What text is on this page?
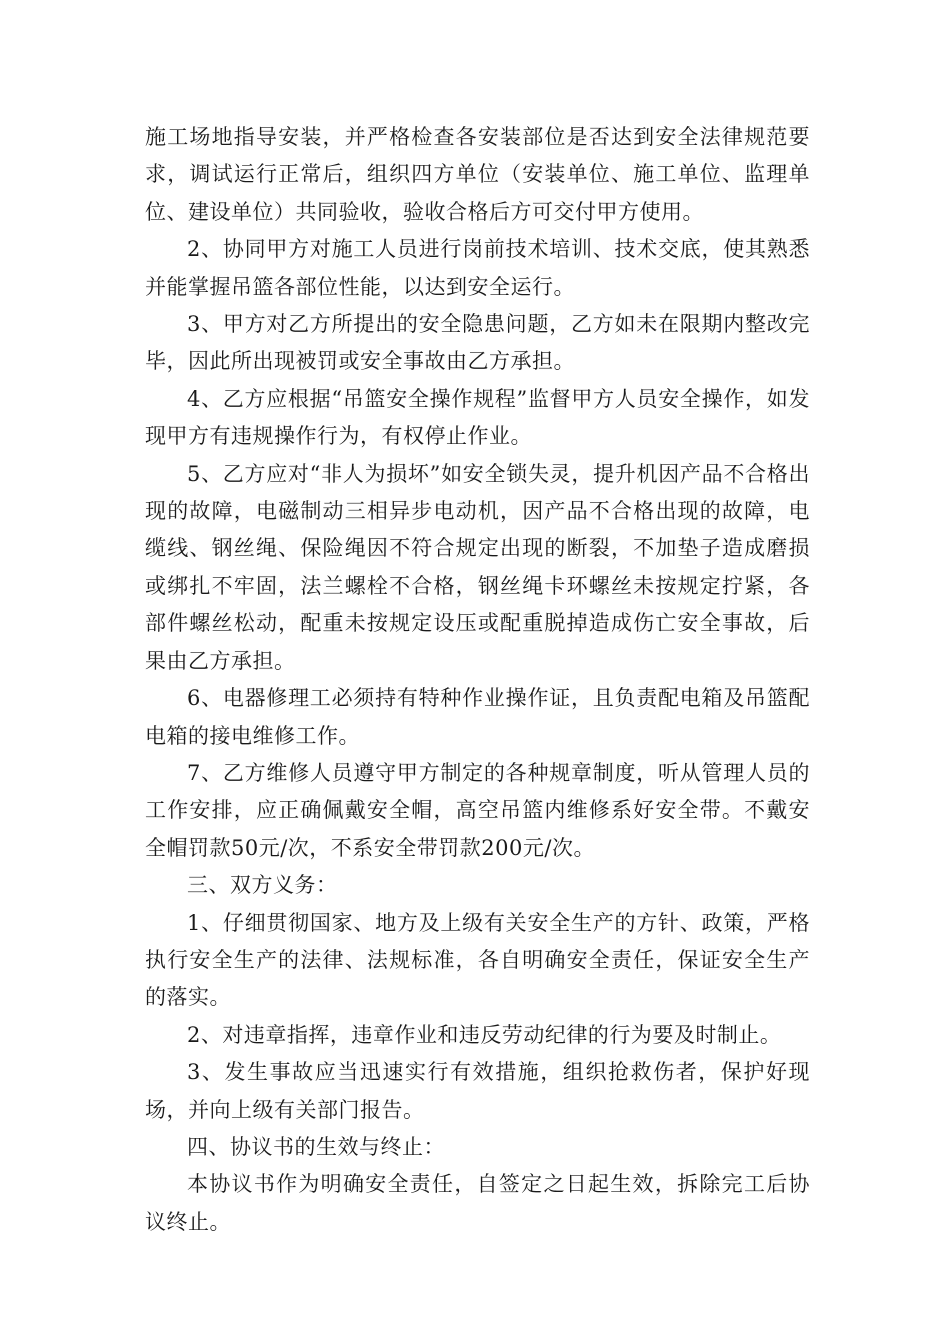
施工场地指导安装，并严格检查各安装部位是否达到安全法律规范要求，调试运行正常后，组织四方单位（安装单位、施工单位、监理单位、建设单位）共同验收，验收合格后方可交付甲方使用。

2、协同甲方对施工人员进行岗前技术培训、技术交底，使其熟悉并能掌握吊篮各部位性能，以达到安全运行。

3、甲方对乙方所提出的安全隐患问题，乙方如未在限期内整改完毕，因此所出现被罚或安全事故由乙方承担。

4、乙方应根据“吊篮安全操作规程”监督甲方人员安全操作，如发现甲方有违规操作行为，有权停止作业。

5、乙方应对“非人为损坏”如安全锁失灵，提升机因产品不合格出现的故障，电磁制动三相异步电动机，因产品不合格出现的故障，电缆线、钢丝绳、保险绳因不符合规定出现的断裂，不加垫子造成磨损或绑扎不牢固，法兰螺栓不合格，钢丝绳卡环螺丝未按规定拧紧，各部件螺丝松动，配重未按规定设压或配重脱掉造成伤亡安全事故，后果由乙方承担。

6、电器修理工必须持有特种作业操作证，且负责配电箱及吊篮配电箱的接电维修工作。

7、乙方维修人员遵守甲方制定的各种规章制度，听从管理人员的工作安排，应正确佩戴安全帽，高空吊篮内维修系好安全带。不戴安全帽罚款50元/次，不系安全带罚款200元/次。

三、双方义务：

1、仔细贯彻国家、地方及上级有关安全生产的方针、政策，严格执行安全生产的法律、法规标准，各自明确安全责任，保证安全生产的落实。

2、对违章指挥，违章作业和违反劳动纪律的行为要及时制止。

3、发生事故应当迅速实行有效措施，组织抢救伤者，保护好现场，并向上级有关部门报告。

四、协议书的生效与终止：

本协议书作为明确安全责任，自签定之日起生效，拆除完工后协议终止。
